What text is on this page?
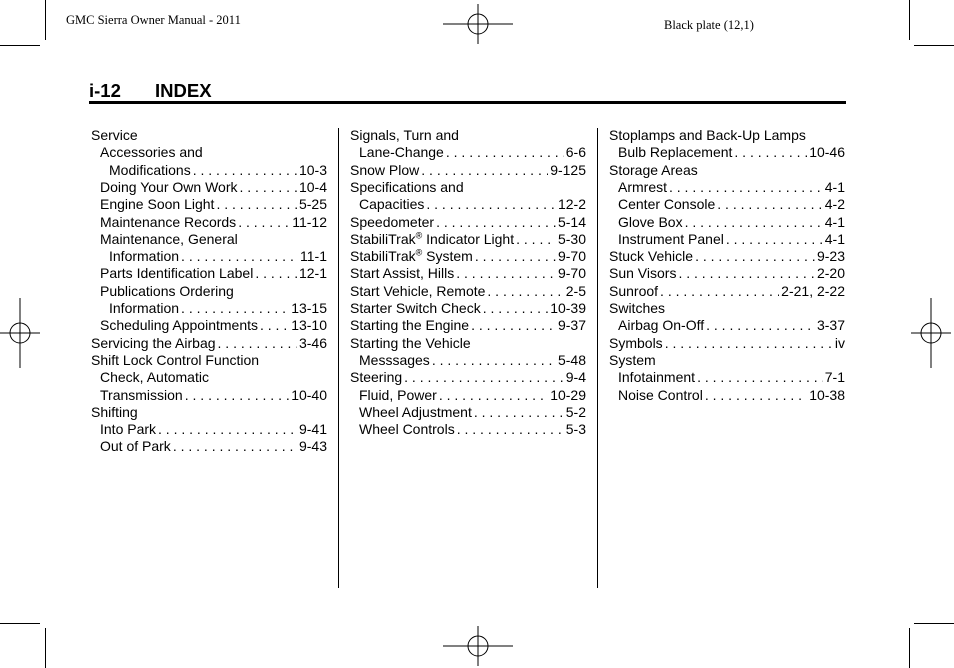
GMC Sierra Owner Manual - 2011	Black plate (12,1)
i-12 INDEX
Service
Accessories and
Modifications . . .	10-3
Doing Your Own Work . . .	10-4
Engine Soon Light . . .	5-25
Maintenance Records . . .	11-12
Maintenance, General
Information . . .	11-1
Parts Identification Label . . .	12-1
Publications Ordering
Information . . .	13-15
Scheduling Appointments . . . 13-10
Servicing the Airbag . . .	3-46
Shift Lock Control Function
Check, Automatic
Transmission . . .	10-40
Shifting
Into Park . . .	9-41
Out of Park . . .	9-43
Signals, Turn and
Lane-Change . . .	6-6
Snow Plow . . .	9-125
Specifications and
Capacities . . .	12-2
Speedometer . . .	5-14
StabiliTrak® Indicator Light . . .	5-30
StabiliTrak® System . . .	9-70
Start Assist, Hills . . .	9-70
Start Vehicle, Remote . . .	2-5
Starter Switch Check . . .	10-39
Starting the Engine . . .	9-37
Starting the Vehicle
Messsages . . .	5-48
Steering . . .	9-4
Fluid, Power . . .	10-29
Wheel Adjustment . . .	5-2
Wheel Controls . . .	5-3
Stoplamps and Back-Up Lamps
Bulb Replacement . . .	10-46
Storage Areas
Armrest . . .	4-1
Center Console . . .	4-2
Glove Box . . .	4-1
Instrument Panel . . .	4-1
Stuck Vehicle . . .	9-23
Sun Visors . . .	2-20
Sunroof . . .	2-21, 2-22
Switches
Airbag On-Off . . .	3-37
Symbols . . .	iv
System
Infotainment . . .	7-1
Noise Control . . .	10-38
